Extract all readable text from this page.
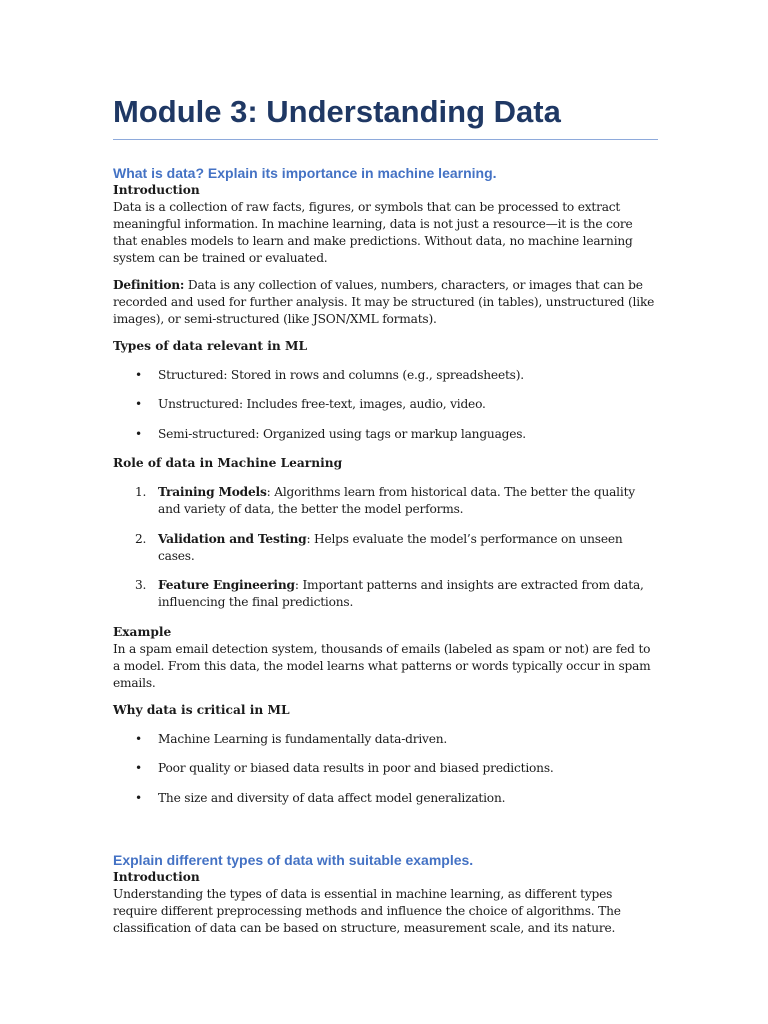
Module 3: Understanding Data
What is data? Explain its importance in machine learning.

Introduction

Data is a collection of raw facts, figures, or symbols that can be processed to extract meaningful information. In machine learning, data is not just a resource—it is the core that enables models to learn and make predictions. Without data, no machine learning system can be trained or evaluated.

Definition: Data is any collection of values, numbers, characters, or images that can be recorded and used for further analysis. It may be structured (in tables), unstructured (like images), or semi-structured (like JSON/XML formats).

Types of data relevant in ML

• Structured: Stored in rows and columns (e.g., spreadsheets).
• Unstructured: Includes free-text, images, audio, video.
• Semi-structured: Organized using tags or markup languages.

Role of data in Machine Learning

1. Training Models: Algorithms learn from historical data. The better the quality and variety of data, the better the model performs.
2. Validation and Testing: Helps evaluate the model’s performance on unseen cases.
3. Feature Engineering: Important patterns and insights are extracted from data, influencing the final predictions.

Example

In a spam email detection system, thousands of emails (labeled as spam or not) are fed to a model. From this data, the model learns what patterns or words typically occur in spam emails.

Why data is critical in ML

• Machine Learning is fundamentally data-driven.
• Poor quality or biased data results in poor and biased predictions.
• The size and diversity of data affect model generalization.
Explain different types of data with suitable examples.

Introduction

Understanding the types of data is essential in machine learning, as different types require different preprocessing methods and influence the choice of algorithms. The classification of data can be based on structure, measurement scale, and its nature.
